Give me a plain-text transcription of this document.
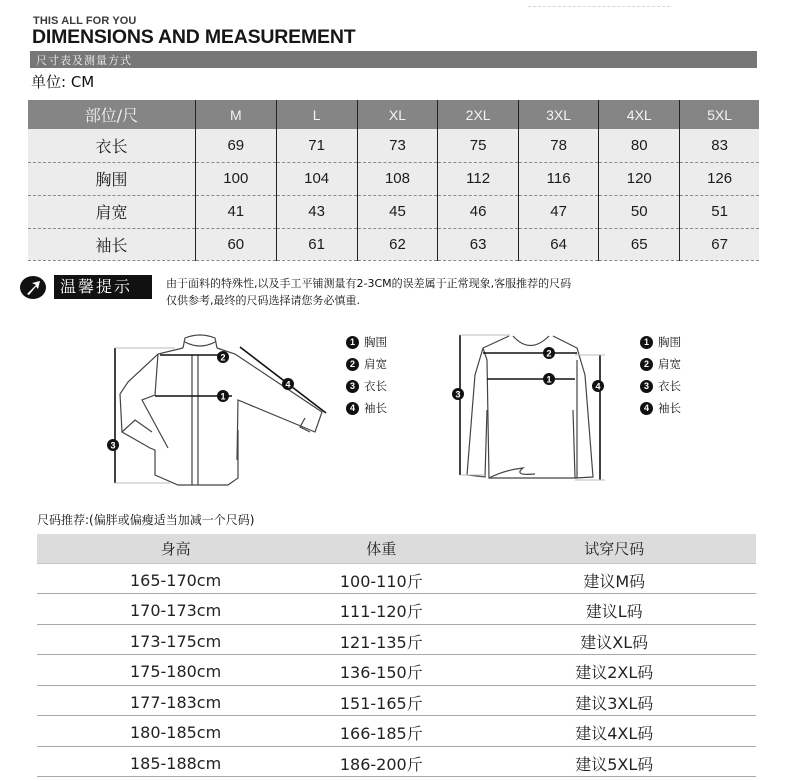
THIS ALL FOR YOU
DIMENSIONS AND MEASUREMENT
尺寸表及测量方式
单位: CM
部位/尺	M	L	XL	2XL	3XL	4XL	5XL
衣长	69	71	73	75	78	80	83
胸围	100	104	108	112	116	120	126
肩宽	41	43	45	46	47	50	51
袖长	60	61	62	63	64	65	67
温馨提示	由于面料的特殊性,以及手工平铺测量有2-3CM的误差属于正常现象,客服推荐的尺码
仅供参考,最终的尺码选择请您务必慎重.
2
1
3
4
1 胸围
2 肩宽
3 衣长
4 袖长
2
1
3
4
1 胸围
2 肩宽
3 衣长
4 袖长
尺码推荐:(偏胖或偏瘦适当加减一个尺码)
身高	体重	试穿尺码
165-170cm	100-110斤	建议M码
170-173cm	111-120斤	建议L码
173-175cm	121-135斤	建议XL码
175-180cm	136-150斤	建议2XL码
177-183cm	151-165斤	建议3XL码
180-185cm	166-185斤	建议4XL码
185-188cm	186-200斤	建议5XL码
